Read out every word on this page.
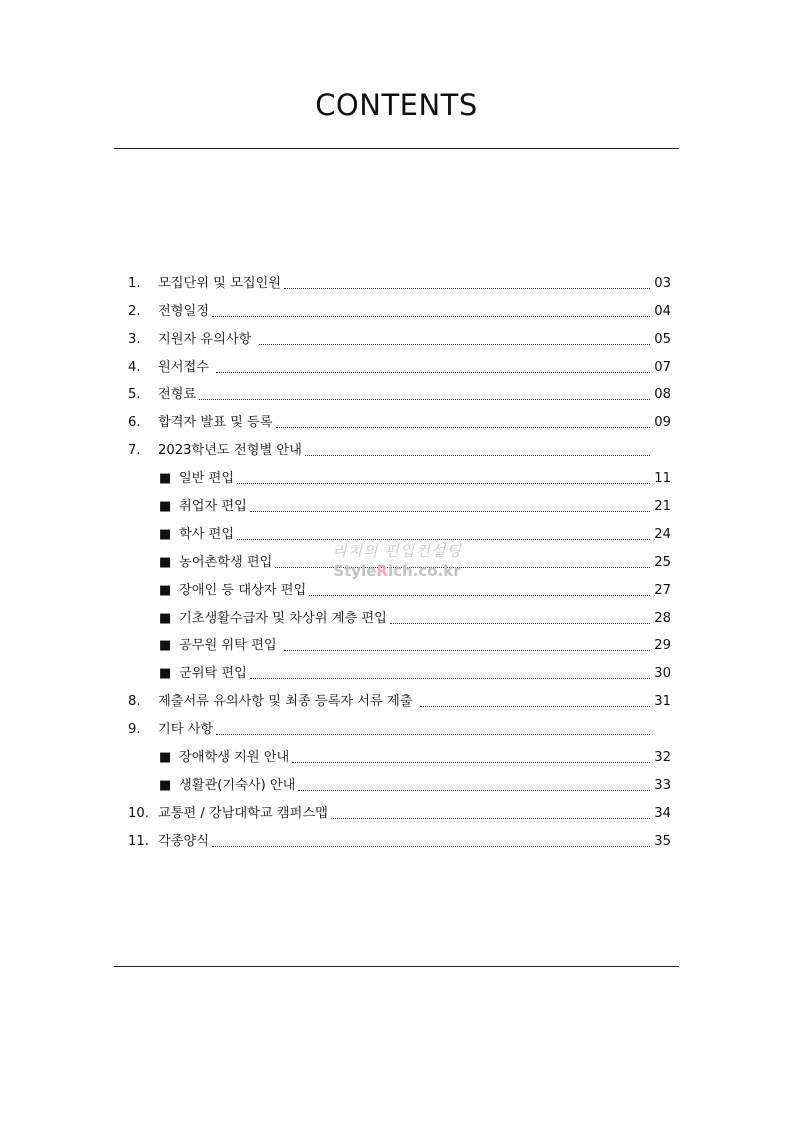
CONTENTS
1.	모집단위 및 모집인원	03
2.	전형일정	04
3.	지원자 유의사항	05
4.	원서접수	07
5.	전형료	08
6.	합격자 발표 및 등록	09
7.	2023학년도 전형별 안내
■ 일반 편입	11
■ 취업자 편입	21
■ 학사 편입	24
■ 농어촌학생 편입	25
■ 장애인 등 대상자 편입	27
■ 기초생활수급자 및 차상위 계층 편입	28
■ 공무원 위탁 편입	29
■ 군위탁 편입	30
8.	제출서류 유의사항 및 최종 등록자 서류 제출	31
9.	기타 사항
■ 장애학생 지원 안내	32
■ 생활관(기숙사) 안내	33
10. 교통편 / 강남대학교 캠퍼스맵	34
11. 각종양식	35
리치의 편입컨설팅
StyleRich.co.kr
